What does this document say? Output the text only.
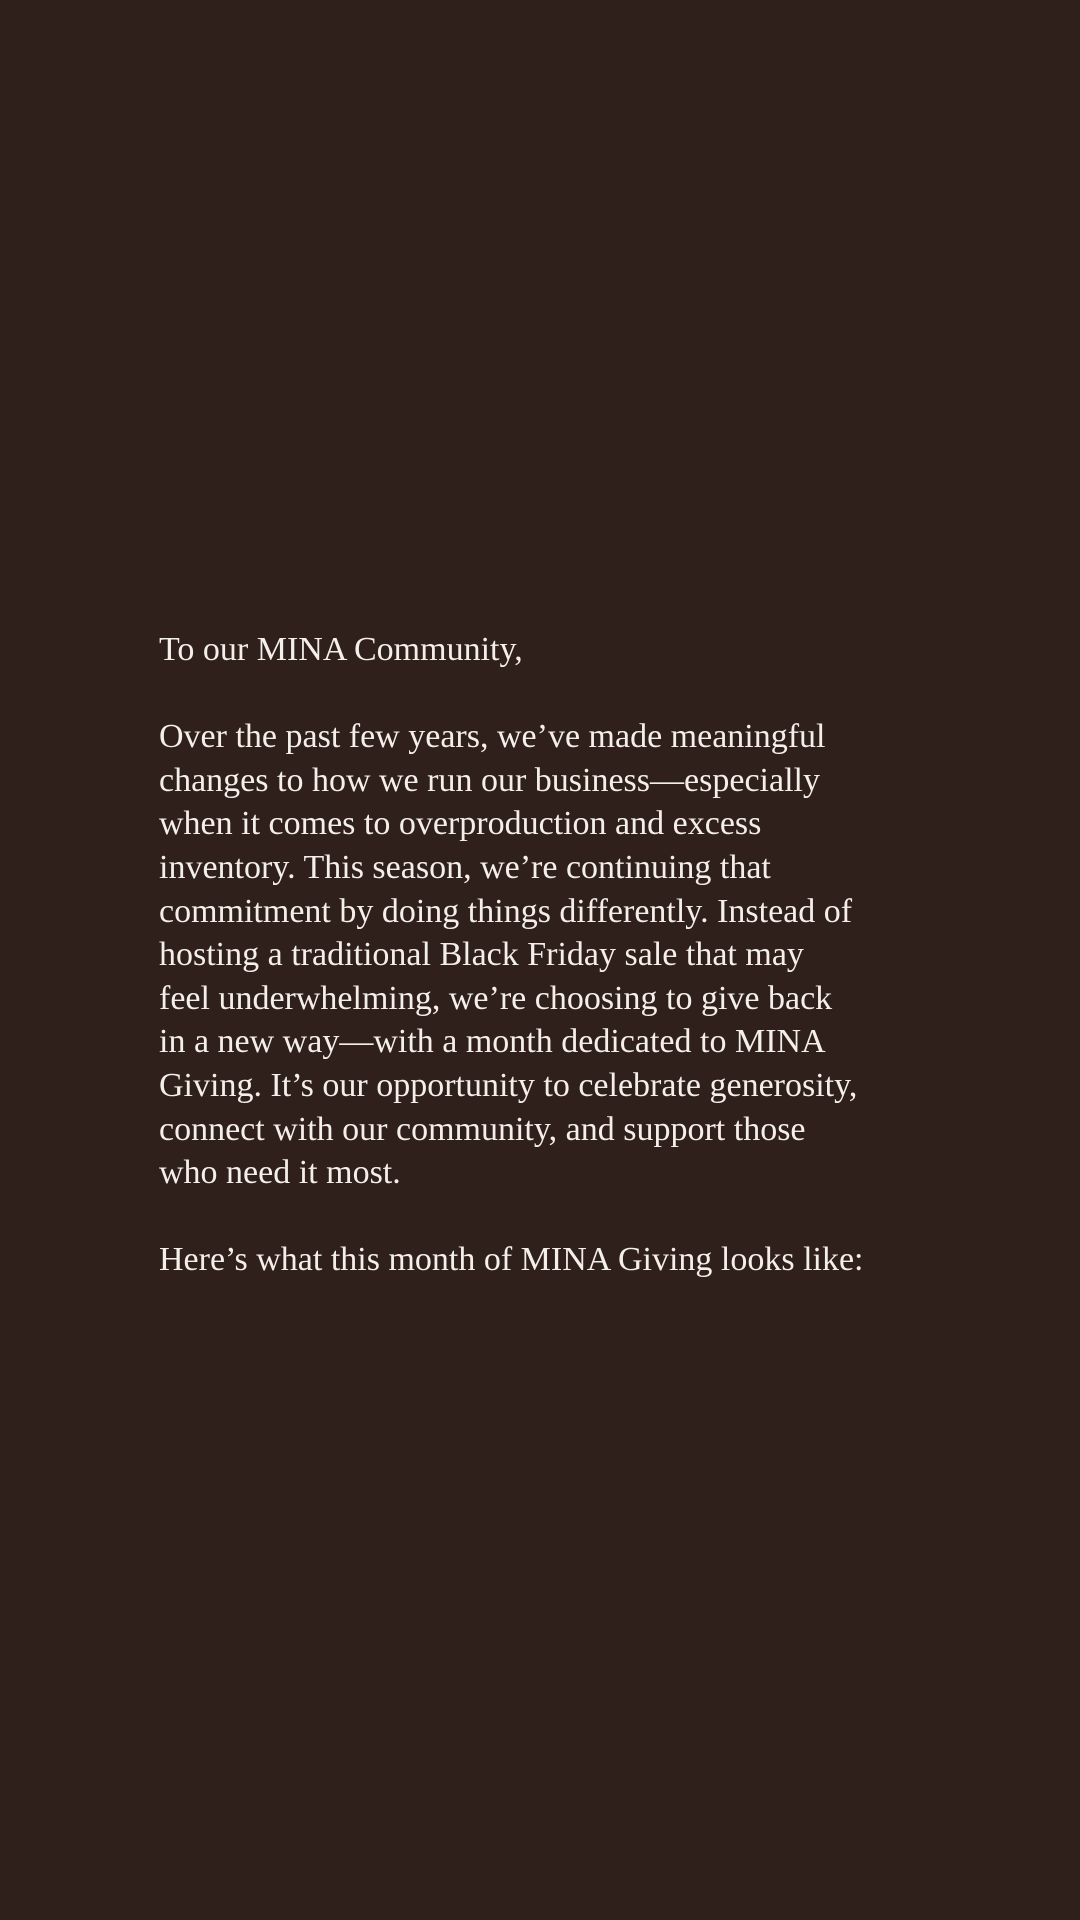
To our MINA Community,

Over the past few years, we’ve made meaningful
changes to how we run our business—especially
when it comes to overproduction and excess
inventory. This season, we’re continuing that
commitment by doing things differently. Instead of
hosting a traditional Black Friday sale that may
feel underwhelming, we’re choosing to give back
in a new way—with a month dedicated to MINA
Giving. It’s our opportunity to celebrate generosity,
connect with our community, and support those
who need it most.

Here’s what this month of MINA Giving looks like:
